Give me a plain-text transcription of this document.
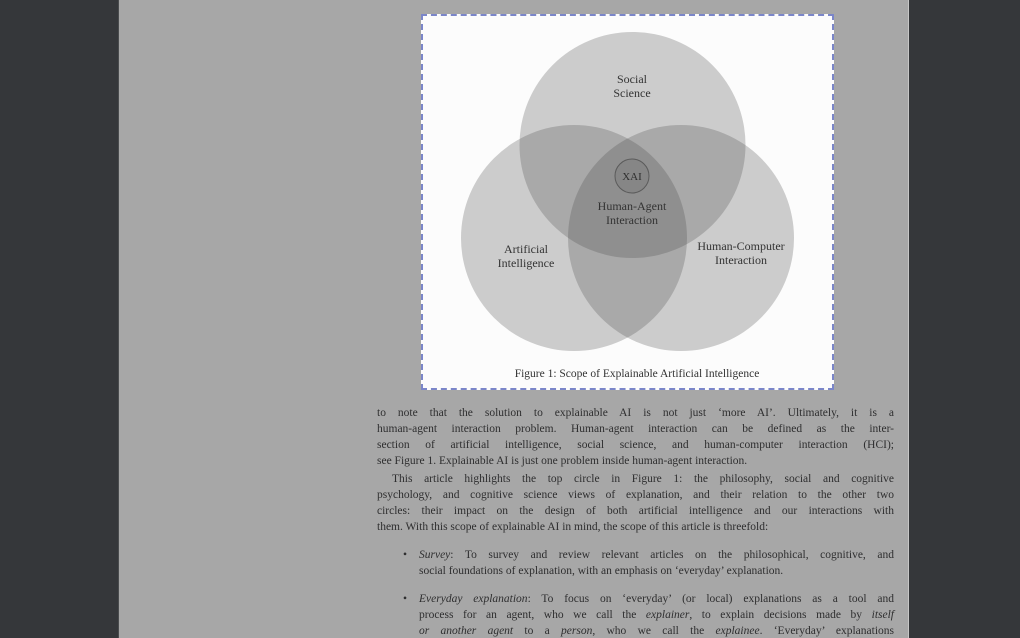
Social
Science
XAI
Human-Agent
Interaction
Artificial
Intelligence
Human-Computer
Interaction
Figure 1: Scope of Explainable Artificial Intelligence
to note that the solution to explainable AI is not just ‘more AI’. Ultimately, it is a
human-agent interaction problem. Human-agent interaction can be defined as the inter-
section of artificial intelligence, social science, and human-computer interaction (HCI);
see Figure 1. Explainable AI is just one problem inside human-agent interaction.
This article highlights the top circle in Figure 1: the philosophy, social and cognitive
psychology, and cognitive science views of explanation, and their relation to the other two
circles: their impact on the design of both artificial intelligence and our interactions with
them. With this scope of explainable AI in mind, the scope of this article is threefold:
•	Survey: To survey and review relevant articles on the philosophical, cognitive, and
social foundations of explanation, with an emphasis on ‘everyday’ explanation.
•	Everyday explanation: To focus on ‘everyday’ (or local) explanations as a tool and
process for an agent, who we call the explainer, to explain decisions made by itself
or another agent to a person, who we call the explainee. ‘Everyday’ explanations
